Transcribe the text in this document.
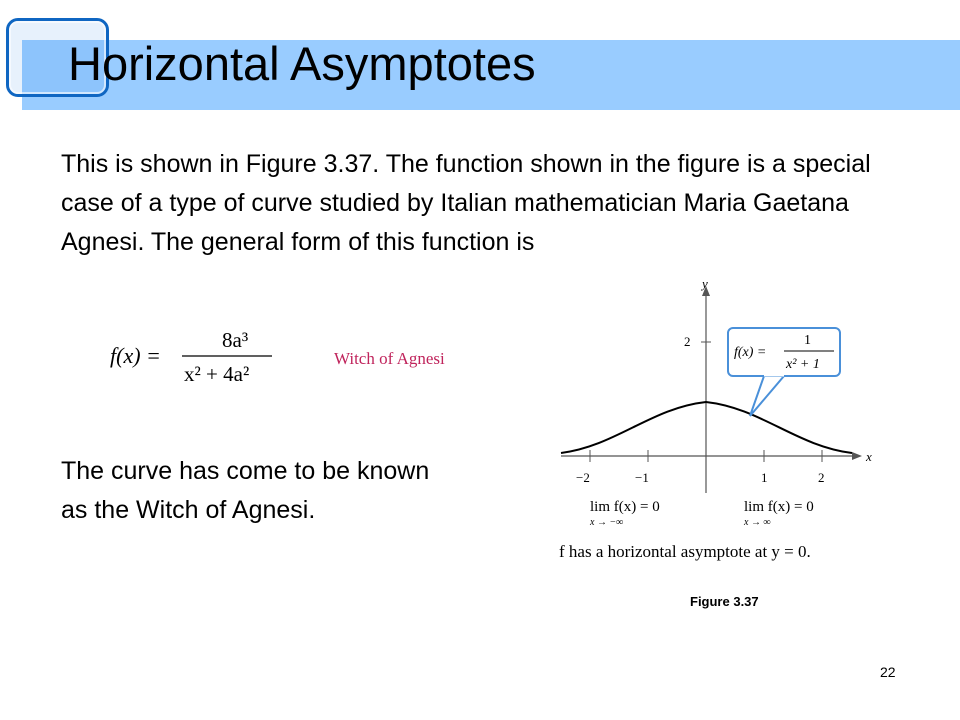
Horizontal Asymptotes
This is shown in Figure 3.37. The function shown in the figure is a special case of a type of curve studied by Italian mathematician Maria Gaetana Agnesi. The general form of this function is
f(x) =
8a³
x² + 4a²
Witch of Agnesi
The curve has come to be known as the Witch of Agnesi.
x
y
2
−2	−1	1	2
f(x) =
1
x² + 1
lim f(x) = 0
x → −∞
lim f(x) = 0
x → ∞
f has a horizontal asymptote at y = 0.
Figure 3.37
22
